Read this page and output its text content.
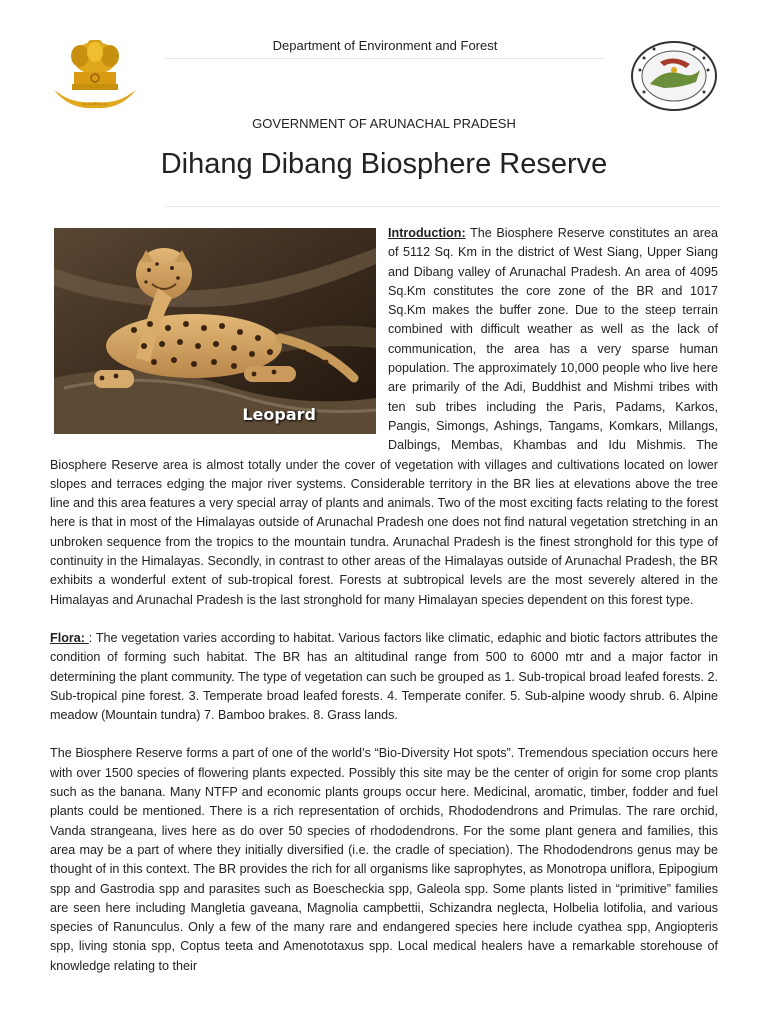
~~~~~
Department of Environment and Forest
GOVERNMENT OF ARUNACHAL PRADESH
Dihang Dibang Biosphere Reserve

Leopard
Introduction: The Biosphere Reserve constitutes an area of 5112 Sq. Km in the district of West Siang, Upper Siang and Dibang valley of Arunachal Pradesh. An area of 4095 Sq.Km constitutes the core zone of the BR and 1017 Sq.Km makes the buffer zone. Due to the steep terrain combined with difficult weather as well as the lack of communication, the area has a very sparse human population. The approximately 10,000 people who live here are primarily of the Adi, Buddhist and Mishmi tribes with ten sub tribes including the Paris, Padams, Karkos, Pangis, Simongs, Ashings, Tangams, Komkars, Millangs, Dalbings, Membas, Khambas and Idu Mishmis. The Biosphere Reserve area is almost totally under the cover of vegetation with villages and cultivations located on lower slopes and terraces edging the major river systems. Considerable territory in the BR lies at elevations above the tree line and this area features a very special array of plants and animals. Two of the most exciting facts relating to the forest here is that in most of the Himalayas outside of Arunachal Pradesh one does not find natural vegetation stretching in an unbroken sequence from the tropics to the mountain tundra. Arunachal Pradesh is the finest stronghold for this type of continuity in the Himalayas. Secondly, in contrast to other areas of the Himalayas outside of Arunachal Pradesh, the BR exhibits a wonderful extent of sub-tropical forest. Forests at subtropical levels are the most severely altered in the Himalayas and Arunachal Pradesh is the last stronghold for many Himalayan species dependent on this forest type.

Flora: : The vegetation varies according to habitat. Various factors like climatic, edaphic and biotic factors attributes the condition of forming such habitat. The BR has an altitudinal range from 500 to 6000 mtr and a major factor in determining the plant community. The type of vegetation can such be grouped as 1. Sub-tropical broad leafed forests. 2. Sub-tropical pine forest. 3. Temperate broad leafed forests. 4. Temperate conifer. 5. Sub-alpine woody shrub. 6. Alpine meadow (Mountain tundra) 7. Bamboo brakes. 8. Grass lands.

The Biosphere Reserve forms a part of one of the world’s “Bio-Diversity Hot spots”. Tremendous speciation occurs here with over 1500 species of flowering plants expected. Possibly this site may be the center of origin for some crop plants such as the banana. Many NTFP and economic plants groups occur here. Medicinal, aromatic, timber, fodder and fuel plants could be mentioned. There is a rich representation of orchids, Rhododendrons and Primulas. The rare orchid, Vanda strangeana, lives here as do over 50 species of rhododendrons. For the some plant genera and families, this area may be a part of where they initially diversified (i.e. the cradle of speciation). The Rhododendrons genus may be thought of in this context. The BR provides the rich for all organisms like saprophytes, as Monotropa uniflora, Epipogium spp and Gastrodia spp and parasites such as Boescheckia spp, Galeola spp. Some plants listed in “primitive” families are seen here including Mangletia gaveana, Magnolia campbettii, Schizandra neglecta, Holbelia lotifolia, and various species of Ranunculus. Only a few of the many rare and endangered species here include cyathea spp, Angiopteris spp, living stonia spp, Coptus teeta and Amenototaxus spp. Local medical healers have a remarkable storehouse of knowledge relating to their
